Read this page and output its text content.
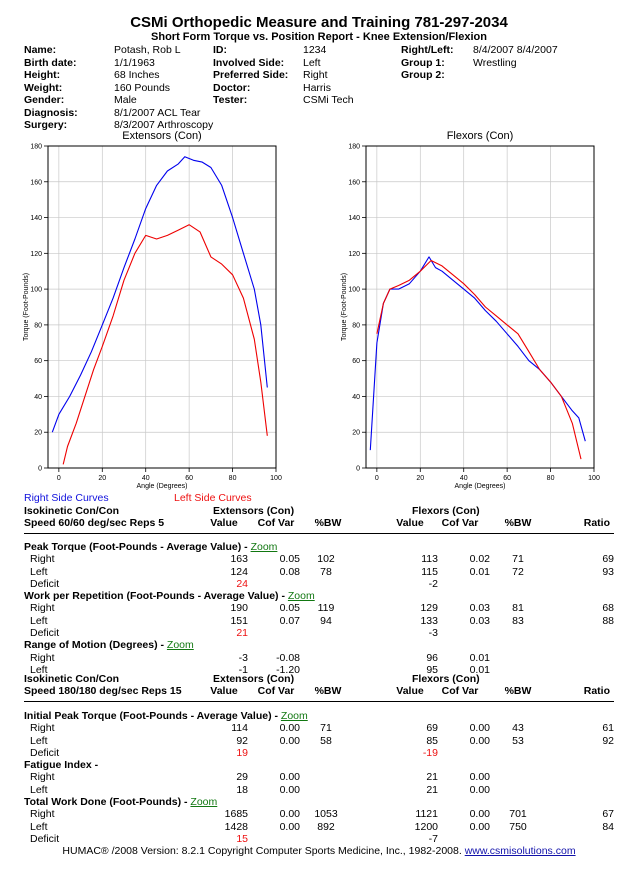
CSMi Orthopedic Measure and Training 781-297-2034
Short Form Torque vs. Position Report - Knee Extension/Flexion
Name:	Potash, Rob L
Birth date:	1/1/1963
Height:	68 Inches
Weight:	160 Pounds
Gender:	Male
Diagnosis:	8/1/2007 ACL Tear
Surgery:	8/3/2007 Arthroscopy
ID:	1234
Involved Side:	Left
Preferred Side:	Right
Doctor:	Harris
Tester:	CSMi Tech
Right/Left:	8/4/2007 8/4/2007
Group 1:	Wrestling
Group 2:	
Extensors (Con)
0
20
40
60
80
100
120
140
160
180
0	20	40	60	80	100
Angle (Degrees)
Torque (Foot-Pounds)
Flexors (Con)
0
20
40
60
80
100
120
140
160
180
0	20	40	60	80	100
Angle (Degrees)
Torque (Foot-Pounds)
Right Side Curves	Left Side Curves
Isokinetic Con/Con	Extensors (Con)	Flexors (Con)
Speed 60/60 deg/sec Reps 5	Value	Cof Var	%BW	Value	Cof Var	%BW	Ratio
Peak Torque (Foot-Pounds - Average Value) - Zoom							
Right	163	0.05	102	113	0.02	71	69
Left	124	0.08	78	115	0.01	72	93
Deficit	24			-2			
Work per Repetition (Foot-Pounds - Average Value) - Zoom							
Right	190	0.05	119	129	0.03	81	68
Left	151	0.07	94	133	0.03	83	88
Deficit	21			-3			
Range of Motion (Degrees) - Zoom							
Right	-3	-0.08		96	0.01		
Left	-1	-1.20		95	0.01		
Isokinetic Con/Con	Extensors (Con)	Flexors (Con)
Speed 180/180 deg/sec Reps 15	Value	Cof Var	%BW	Value	Cof Var	%BW	Ratio
Initial Peak Torque (Foot-Pounds - Average Value) - Zoom							
Right	114	0.00	71	69	0.00	43	61
Left	92	0.00	58	85	0.00	53	92
Deficit	19			-19			
Fatigue Index -							
Right	29	0.00		21	0.00		
Left	18	0.00		21	0.00		
Total Work Done (Foot-Pounds) - Zoom							
Right	1685	0.00	1053	1121	0.00	701	67
Left	1428	0.00	892	1200	0.00	750	84
Deficit	15			-7			
HUMAC® /2008 Version: 8.2.1 Copyright Computer Sports Medicine, Inc., 1982-2008. www.csmisolutions.com
